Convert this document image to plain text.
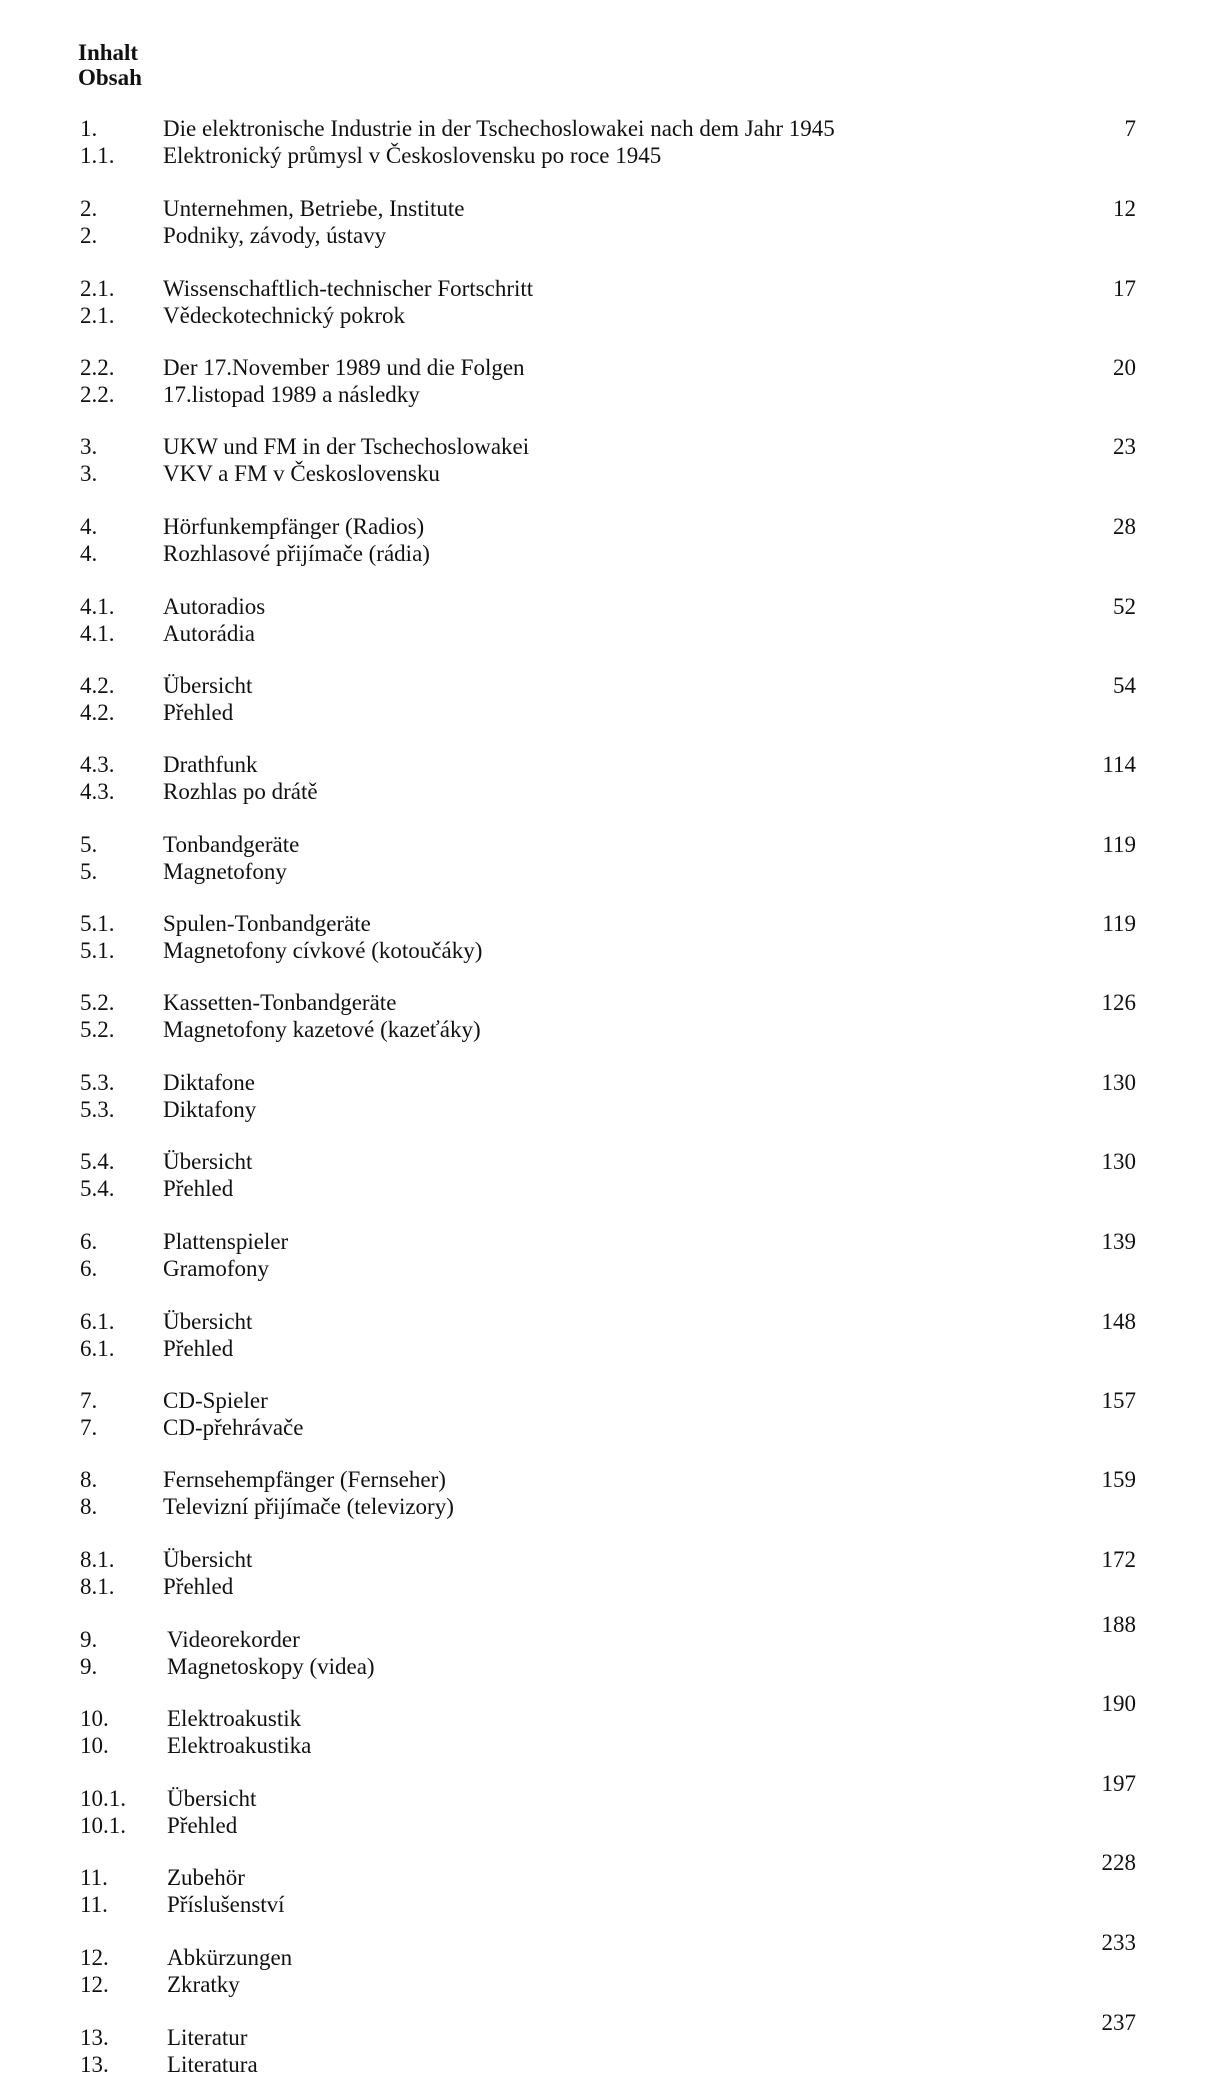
Inhalt
Obsah
1.
1.1.
Die elektronische Industrie in der Tschechoslowakei nach dem Jahr 1945
Elektronický průmysl v Československu po roce 1945
7
2.
2.
Unternehmen, Betriebe, Institute
Podniky, závody, ústavy
12
2.1.
2.1.
Wissenschaftlich-technischer Fortschritt
Vědeckotechnický pokrok
17
2.2.
2.2.
Der 17.November 1989 und die Folgen
17.listopad 1989 a následky
20
3.
3.
UKW und FM in der Tschechoslowakei
VKV a FM v Československu
23
4.
4.
Hörfunkempfänger (Radios)
Rozhlasové přijímače (rádia)
28
4.1.
4.1.
Autoradios
Autorádia
52
4.2.
4.2.
Übersicht
Přehled
54
4.3.
4.3.
Drathfunk
Rozhlas po drátě
114
5.
5.
Tonbandgeräte
Magnetofony
119
5.1.
5.1.
Spulen-Tonbandgeräte
Magnetofony cívkové (kotoučáky)
119
5.2.
5.2.
Kassetten-Tonbandgeräte
Magnetofony kazetové (kazeťáky)
126
5.3.
5.3.
Diktafone
Diktafony
130
5.4.
5.4.
Übersicht
Přehled
130
6.
6.
Plattenspieler
Gramofony
139
6.1.
6.1.
Übersicht
Přehled
148
7.
7.
CD-Spieler
CD-přehrávače
157
8.
8.
Fernsehempfänger (Fernseher)
Televizní přijímače (televizory)
159
8.1.
8.1.
Übersicht
Přehled
172
9.
9.
Videorekorder
Magnetoskopy (videa)
188
10.
10.
Elektroakustik
Elektroakustika
190
10.1.
10.1.
Übersicht
Přehled
197
11.
11.
Zubehör
Příslušenství
228
12.
12.
Abkürzungen
Zkratky
233
13.
13.
Literatur
Literatura
237
